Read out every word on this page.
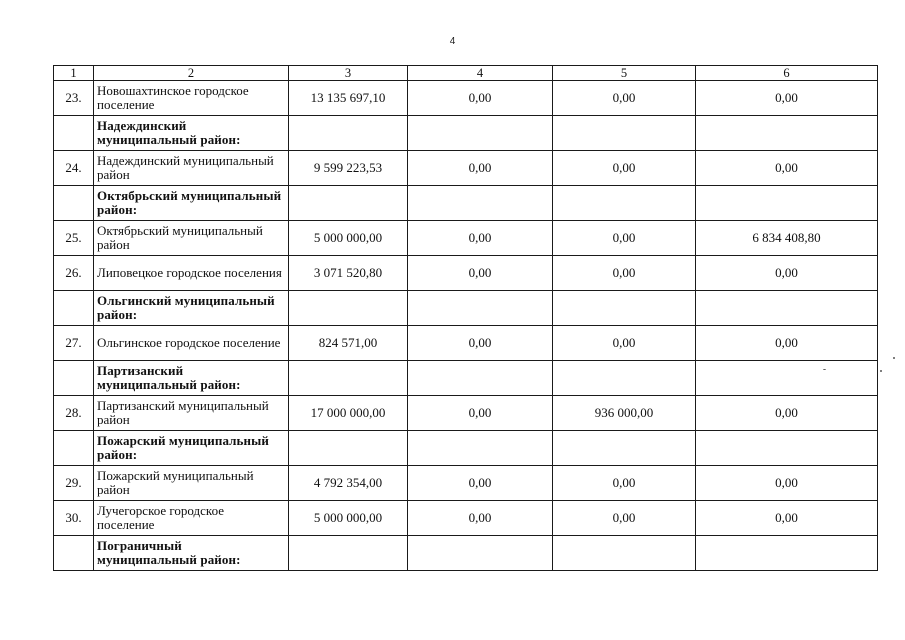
4
1	2	3	4	5	6
23.	Новошахтинское городское поселение	13 135 697,10	0,00	0,00	0,00
	Надеждинский муниципальный район:				
24.	Надеждинский муниципальный район	9 599 223,53	0,00	0,00	0,00
	Октябрьский муниципальный район:				
25.	Октябрьский муниципальный район	5 000 000,00	0,00	0,00	6 834 408,80
26.	Липовецкое городское поселения	3 071 520,80	0,00	0,00	0,00
	Ольгинский муниципальный район:				
27.	Ольгинское городское поселение	824 571,00	0,00	0,00	0,00
	Партизанский муниципальный район:				
28.	Партизанский муниципальный район	17 000 000,00	0,00	936 000,00	0,00
	Пожарский муниципальный район:				
29.	Пожарский муниципальный район	4 792 354,00	0,00	0,00	0,00
30.	Лучегорское городское поселение	5 000 000,00	0,00	0,00	0,00
	Пограничный муниципальный район:				
